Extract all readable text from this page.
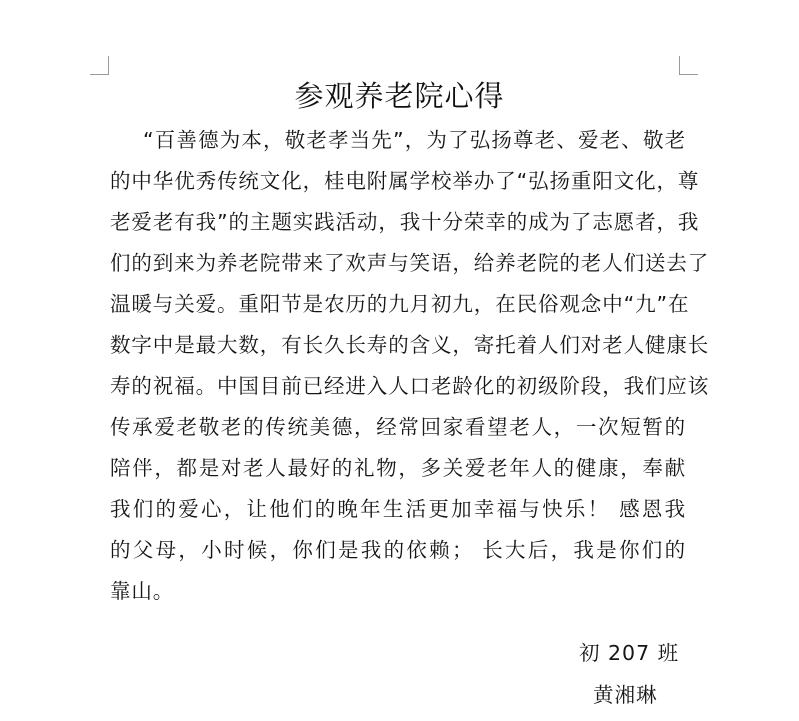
参观养老院心得
“百善德为本，敬老孝当先”，为了弘扬尊老、爱老、敬老
的中华优秀传统文化，桂电附属学校举办了“弘扬重阳文化，尊
老爱老有我”的主题实践活动，我十分荣幸的成为了志愿者，我
们的到来为养老院带来了欢声与笑语，给养老院的老人们送去了
温暖与关爱。重阳节是农历的九月初九，在民俗观念中“九”在
数字中是最大数，有长久长寿的含义，寄托着人们对老人健康长
寿的祝福。中国目前已经进入人口老龄化的初级阶段，我们应该
传承爱老敬老的传统美德，经常回家看望老人，一次短暂的
陪伴，都是对老人最好的礼物，多关爱老年人的健康，奉献
我们的爱心，让他们的晚年生活更加幸福与快乐！ 感恩我
的父母，小时候，你们是我的依赖； 长大后，我是你们的
靠山。
初 207 班
黄湘琳
